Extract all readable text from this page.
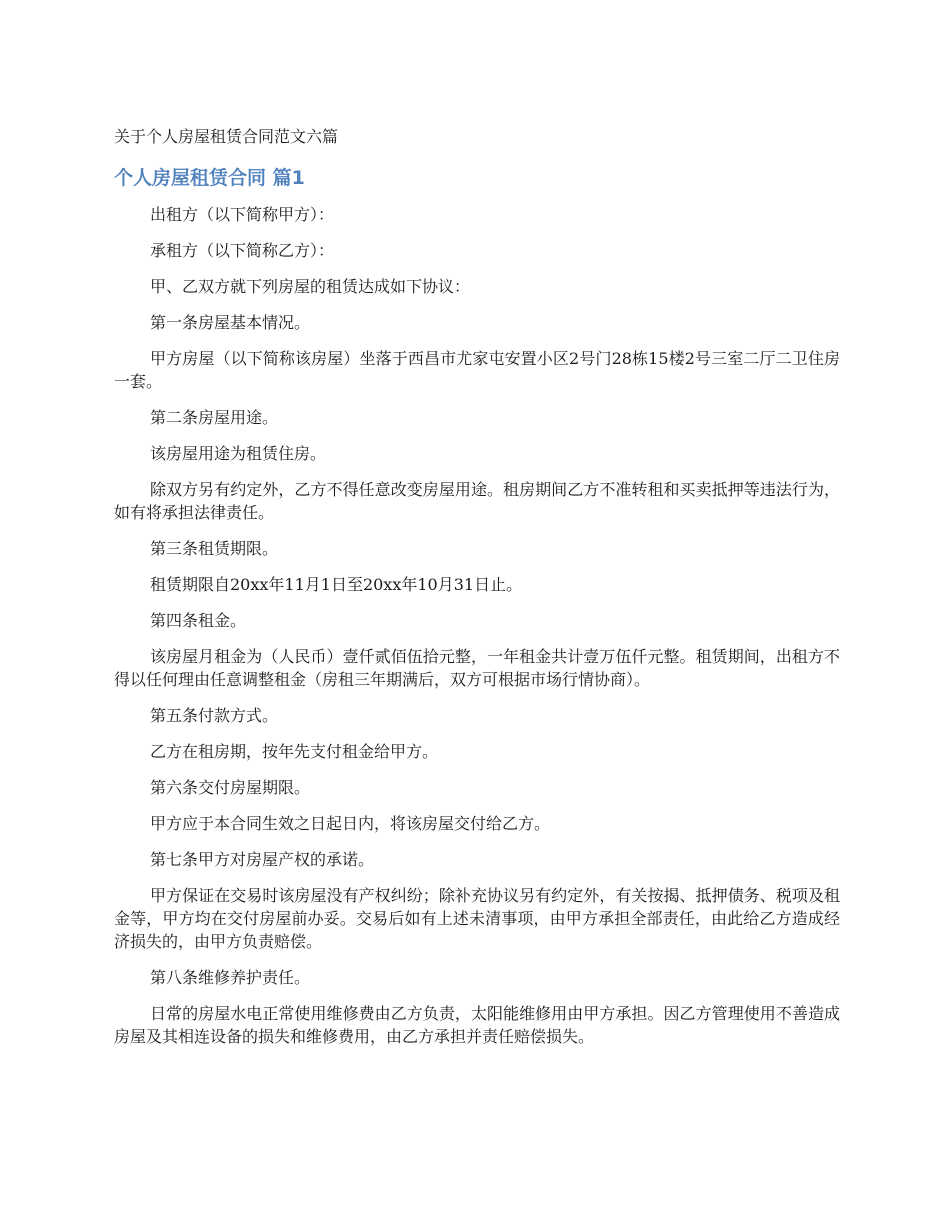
关于个人房屋租赁合同范文六篇
个人房屋租赁合同 篇1

出租方（以下简称甲方）：

承租方（以下简称乙方）：

甲、乙双方就下列房屋的租赁达成如下协议：

第一条房屋基本情况。

甲方房屋（以下简称该房屋）坐落于西昌市尤家屯安置小区2号门28栋15楼2号三室二厅二卫住房一套。

第二条房屋用途。

该房屋用途为租赁住房。

除双方另有约定外，乙方不得任意改变房屋用途。租房期间乙方不准转租和买卖抵押等违法行为，如有将承担法律责任。

第三条租赁期限。

租赁期限自20xx年11月1日至20xx年10月31日止。

第四条租金。

该房屋月租金为（人民币）壹仟贰佰伍拾元整，一年租金共计壹万伍仟元整。租赁期间，出租方不得以任何理由任意调整租金（房租三年期满后，双方可根据市场行情协商）。

第五条付款方式。

乙方在租房期，按年先支付租金给甲方。

第六条交付房屋期限。

甲方应于本合同生效之日起日内，将该房屋交付给乙方。

第七条甲方对房屋产权的承诺。

甲方保证在交易时该房屋没有产权纠纷；除补充协议另有约定外，有关按揭、抵押债务、税项及租金等，甲方均在交付房屋前办妥。交易后如有上述未清事项，由甲方承担全部责任，由此给乙方造成经济损失的，由甲方负责赔偿。

第八条维修养护责任。

日常的房屋水电正常使用维修费由乙方负责，太阳能维修用由甲方承担。因乙方管理使用不善造成房屋及其相连设备的损失和维修费用，由乙方承担并责任赔偿损失。
